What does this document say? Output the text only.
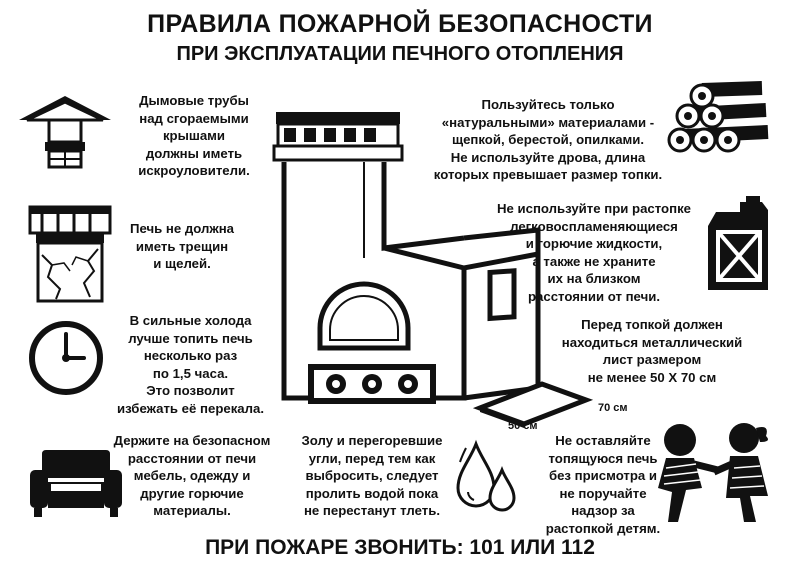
ПРАВИЛА ПОЖАРНОЙ БЕЗОПАСНОСТИ
ПРИ ЭКСПЛУАТАЦИИ ПЕЧНОГО ОТОПЛЕНИЯ
Дымовые трубы
над сгораемыми
крышами
должны иметь
искроуловители.
Печь не должна
иметь трещин
и щелей.
В сильные холода
лучше топить печь
несколько раз
по 1,5 часа.
Это позволит
избежать её перекала.
Держите на безопасном
расстоянии от печи
мебель, одежду и
другие горючие
материалы.
Золу и перегоревшие
угли, перед тем как
выбросить, следует
пролить водой пока
не перестанут тлеть.
Пользуйтесь только
«натуральными» материалами -
щепкой, берестой, опилками.
Не используйте дрова, длина
которых превышает размер топки.
Не используйте при растопке
легковоспламеняющиеся
и горючие жидкости,
а также не храните
их на близком
расстоянии от печи.
Перед топкой должен
находиться металлический
лист размером
не менее 50 Х 70 см
Не оставляйте
топящуюся печь
без присмотра и
не поручайте
надзор за
растопкой детям.
ПРИ ПОЖАРЕ ЗВОНИТЬ: 101 ИЛИ 112
50 см
70 см
